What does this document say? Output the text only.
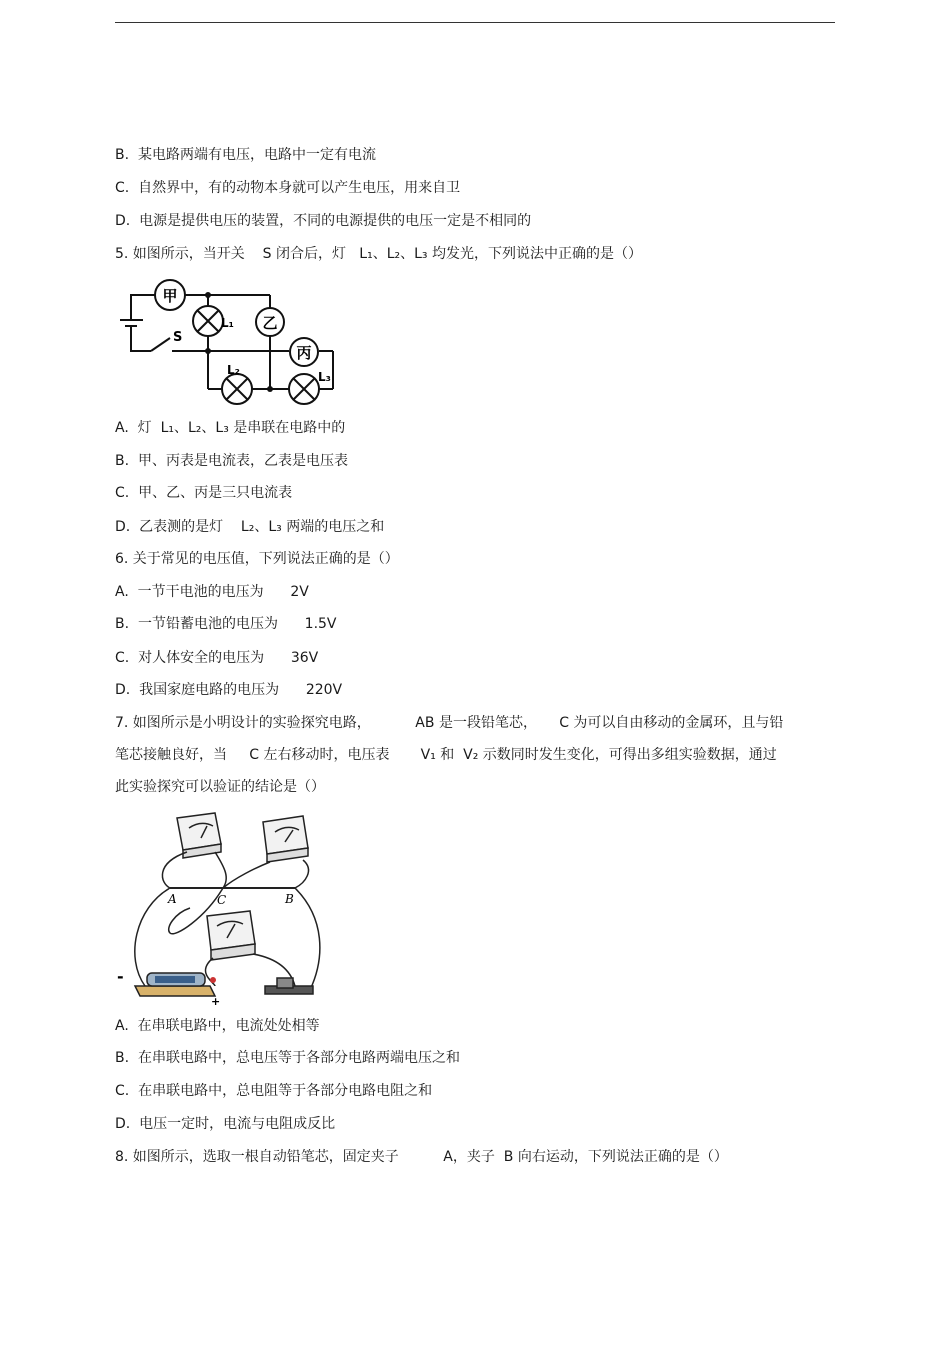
B.  某电路两端有电压，电路中一定有电流
C.  自然界中，有的动物本身就可以产生电压，用来自卫
D.  电源是提供电压的装置，不同的电源提供的电压一定是不相同的
5. 如图所示，当开关    S 闭合后，灯   L₁、L₂、L₃ 均发光，下列说法中正确的是（）
甲
乙
丙
S
L₁
L₂	L₃
A.  灯  L₁、L₂、L₃ 是串联在电路中的
B.  甲、丙表是电流表，乙表是电压表
C.  甲、乙、丙是三只电流表
D.  乙表测的是灯    L₂、L₃ 两端的电压之和
6. 关于常见的电压值，下列说法正确的是（）
A.  一节干电池的电压为      2V
B.  一节铅蓄电池的电压为      1.5V
C.  对人体安全的电压为      36V
D.  我国家庭电路的电压为      220V
7. 如图所示是小明设计的实验探究电路，          AB 是一段铅笔芯，     C 为可以自由移动的金属环，且与铅
笔芯接触良好，当     C 左右移动时，电压表       V₁ 和  V₂ 示数同时发生变化，可得出多组实验数据，通过
此实验探究可以验证的结论是（）
A	C	B
-
+
A.  在串联电路中，电流处处相等
B.  在串联电路中，总电压等于各部分电路两端电压之和
C.  在串联电路中，总电阻等于各部分电路电阻之和
D.  电压一定时，电流与电阻成反比
8. 如图所示，选取一根自动铅笔芯，固定夹子          A，夹子  B 向右运动，下列说法正确的是（）
